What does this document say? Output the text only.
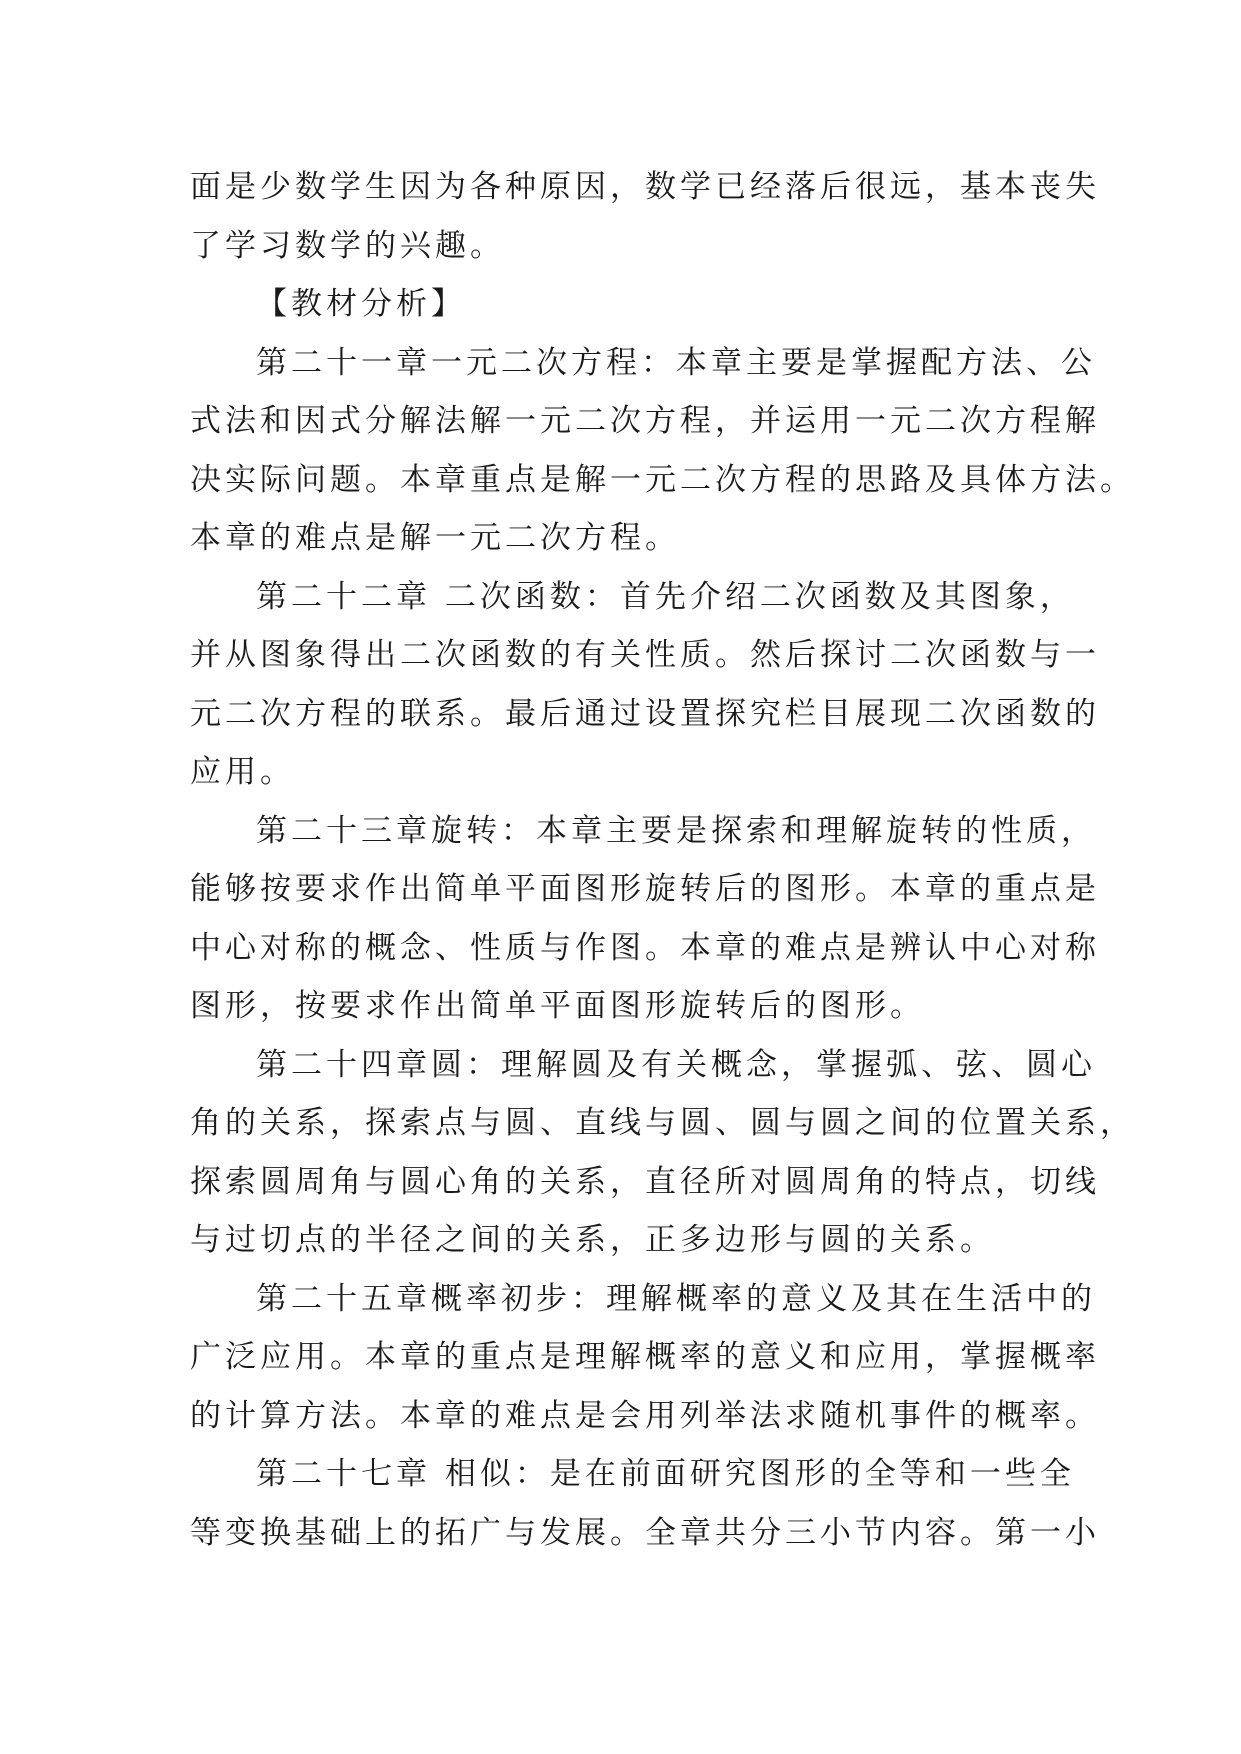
面是少数学生因为各种原因，数学已经落后很远，基本丧失
了学习数学的兴趣。
【教材分析】
第二十一章一元二次方程：本章主要是掌握配方法、公
式法和因式分解法解一元二次方程，并运用一元二次方程解
决实际问题。本章重点是解一元二次方程的思路及具体方法。
本章的难点是解一元二次方程。
第二十二章 二次函数：首先介绍二次函数及其图象，
并从图象得出二次函数的有关性质。然后探讨二次函数与一
元二次方程的联系。最后通过设置探究栏目展现二次函数的
应用。
第二十三章旋转：本章主要是探索和理解旋转的性质，
能够按要求作出简单平面图形旋转后的图形。本章的重点是
中心对称的概念、性质与作图。本章的难点是辨认中心对称
图形，按要求作出简单平面图形旋转后的图形。
第二十四章圆：理解圆及有关概念，掌握弧、弦、圆心
角的关系，探索点与圆、直线与圆、圆与圆之间的位置关系，
探索圆周角与圆心角的关系，直径所对圆周角的特点，切线
与过切点的半径之间的关系，正多边形与圆的关系。
第二十五章概率初步：理解概率的意义及其在生活中的
广泛应用。本章的重点是理解概率的意义和应用，掌握概率
的计算方法。本章的难点是会用列举法求随机事件的概率。
第二十七章 相似：是在前面研究图形的全等和一些全
等变换基础上的拓广与发展。全章共分三小节内容。第一小
